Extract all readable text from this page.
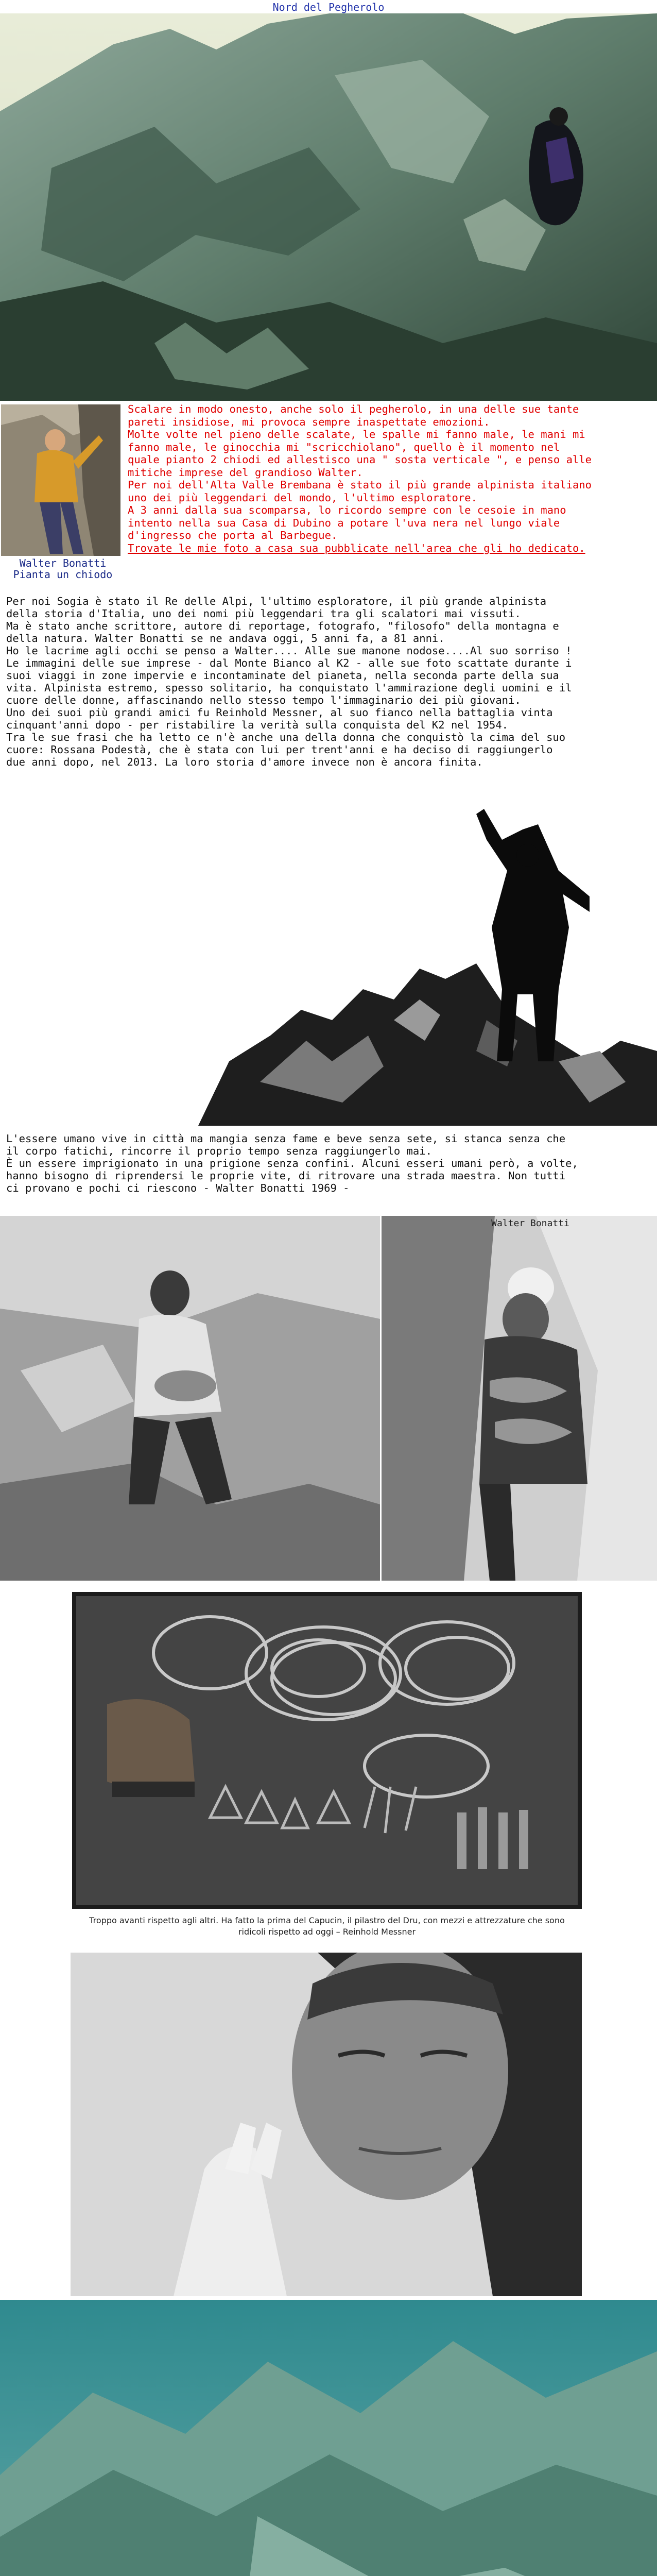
Nord del Pegherolo
Walter Bonatti
Pianta un chiodo
Scalare in modo onesto, anche solo il pegherolo, in una delle sue tante
pareti insidiose, mi provoca sempre inaspettate emozioni.
Molte volte nel pieno delle scalate, le spalle mi fanno male, le mani mi
fanno male, le ginocchia mi "scricchiolano", quello è il momento nel
quale pianto 2 chiodi ed allestisco una " sosta verticale ", e penso alle
mitiche imprese del grandioso Walter.
Per noi dell'Alta Valle Brembana è stato il più grande alpinista italiano
uno dei più leggendari del mondo, l'ultimo esploratore.
A 3 anni dalla sua scomparsa, lo ricordo sempre con le cesoie in mano
intento nella sua Casa di Dubino a potare l'uva nera nel lungo viale
d'ingresso che porta al Barbegue.
Trovate le mie foto a casa sua pubblicate nell'area che gli ho dedicato.
Per noi Sogia è stato il Re delle Alpi, l'ultimo esploratore, il più grande alpinista
della storia d'Italia, uno dei nomi più leggendari tra gli scalatori mai vissuti.
Ma è stato anche scrittore, autore di reportage, fotografo, "filosofo" della montagna e
della natura. Walter Bonatti se ne andava oggi, 5 anni fa, a 81 anni.
Ho le lacrime agli occhi se penso a Walter.... Alle sue manone nodose....Al suo sorriso !
Le immagini delle sue imprese - dal Monte Bianco al K2 - alle sue foto scattate durante i
suoi viaggi in zone impervie e incontaminate del pianeta, nella seconda parte della sua
vita. Alpinista estremo, spesso solitario, ha conquistato l'ammirazione degli uomini e il
cuore delle donne, affascinando nello stesso tempo l'immaginario dei più giovani.
Uno dei suoi più grandi amici fu Reinhold Messner, al suo fianco nella battaglia vinta
cinquant'anni dopo - per ristabilire la verità sulla conquista del K2 nel 1954.
Tra le sue frasi che ha letto ce n'è anche una della donna che conquistò la cima del suo
cuore: Rossana Podestà, che è stata con lui per trent'anni e ha deciso di raggiungerlo
due anni dopo, nel 2013. La loro storia d'amore invece non è ancora finita.
L'essere umano vive in città ma mangia senza fame e beve senza sete, si stanca senza che
il corpo fatichi, rincorre il proprio tempo senza raggiungerlo mai.
È un essere imprigionato in una prigione senza confini. Alcuni esseri umani però, a volte,
hanno bisogno di riprendersi le proprie vite, di ritrovare una strada maestra. Non tutti
ci provano e pochi ci riescono - Walter Bonatti 1969 -
Walter Bonatti
Troppo avanti rispetto agli altri. Ha fatto la prima del Capucin, il pilastro del Dru, con mezzi e attrezzature che sono
ridicoli rispetto ad oggi – Reinhold Messner
